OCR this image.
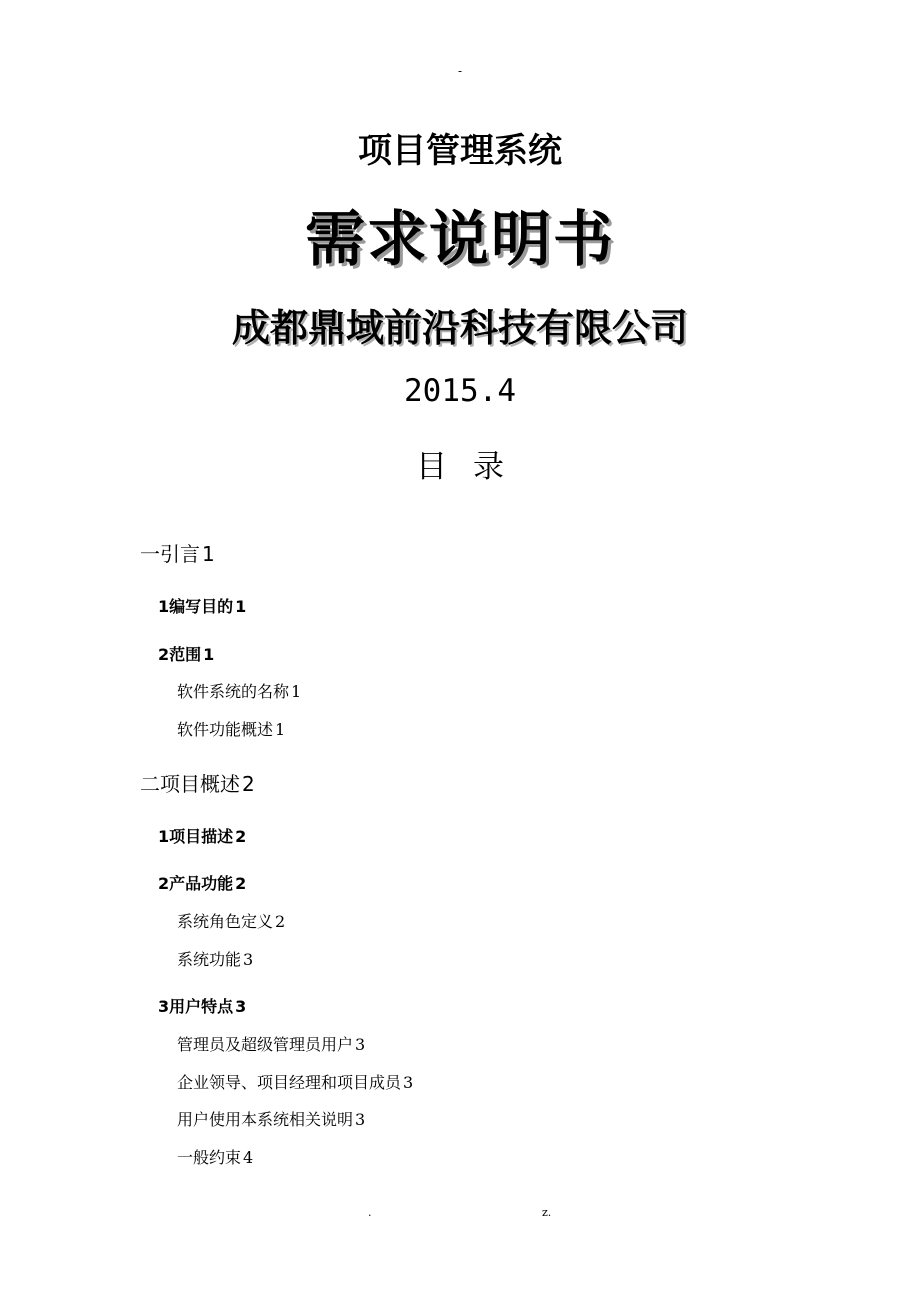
-
项目管理系统
需求说明书
成都鼎域前沿科技有限公司
2015.4
目录
一引言 1
1编写目的 1
2范围 1
软件系统的名称 1
软件功能概述 1
二项目概述 2
1项目描述 2
2产品功能 2
系统角色定义 2
系统功能 3
3用户特点 3
管理员及超级管理员用户 3
企业领导、项目经理和项目成员 3
用户使用本系统相关说明 3
一般约束 4
.	z.
